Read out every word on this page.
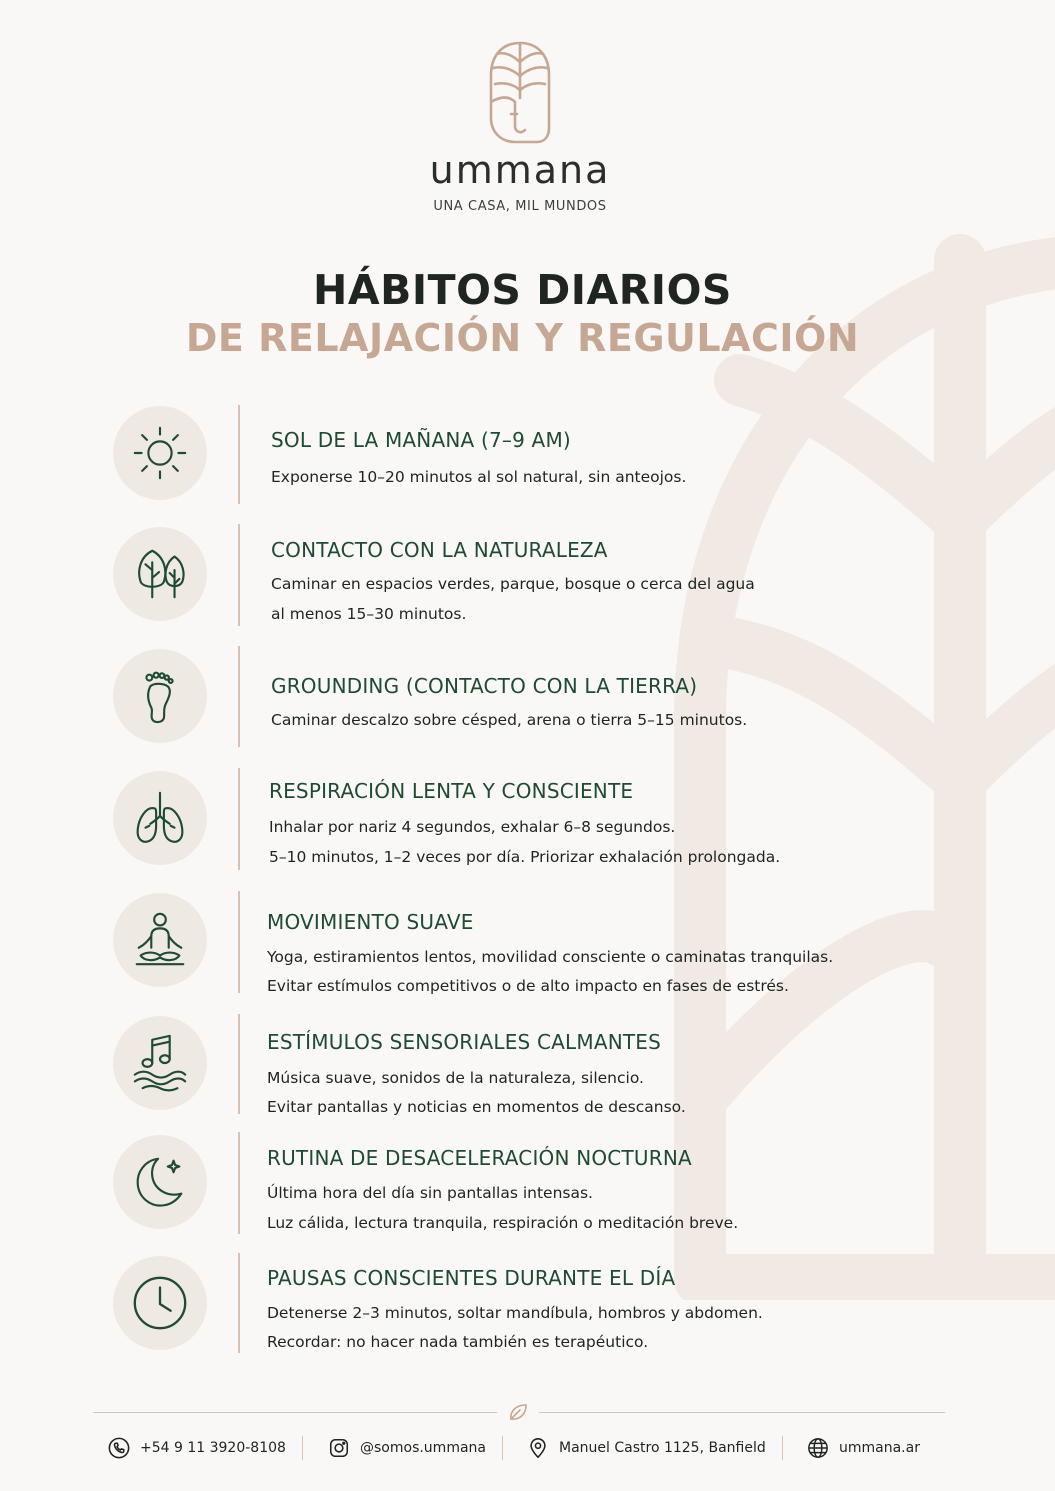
ummana
UNA CASA, MIL MUNDOS
HÁBITOS DIARIOS
DE RELAJACIÓN Y REGULACIÓN
SOL DE LA MAÑANA (7–9 AM)
Exponerse 10–20 minutos al sol natural, sin anteojos.
CONTACTO CON LA NATURALEZA
Caminar en espacios verdes, parque, bosque o cerca del agua
al menos 15–30 minutos.
GROUNDING (CONTACTO CON LA TIERRA)
Caminar descalzo sobre césped, arena o tierra 5–15 minutos.
RESPIRACIÓN LENTA Y CONSCIENTE
Inhalar por nariz 4 segundos, exhalar 6–8 segundos.
5–10 minutos, 1–2 veces por día. Priorizar exhalación prolongada.
MOVIMIENTO SUAVE
Yoga, estiramientos lentos, movilidad consciente o caminatas tranquilas.
Evitar estímulos competitivos o de alto impacto en fases de estrés.
ESTÍMULOS SENSORIALES CALMANTES
Música suave, sonidos de la naturaleza, silencio.
Evitar pantallas y noticias en momentos de descanso.
RUTINA DE DESACELERACIÓN NOCTURNA
Última hora del día sin pantallas intensas.
Luz cálida, lectura tranquila, respiración o meditación breve.
PAUSAS CONSCIENTES DURANTE EL DÍA
Detenerse 2–3 minutos, soltar mandíbula, hombros y abdomen.
Recordar: no hacer nada también es terapéutico.
+54 9 11 3920-8108	@somos.ummana	Manuel Castro 1125, Banfield	ummana.ar
